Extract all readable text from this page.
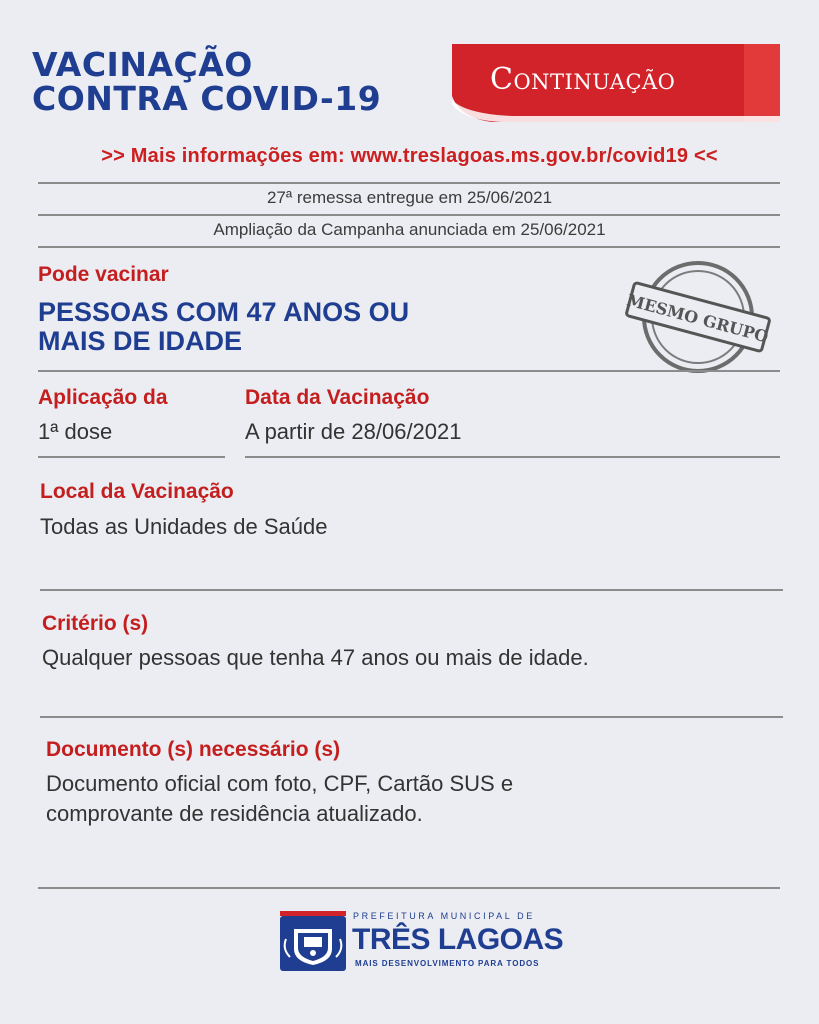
VACINAÇÃO
CONTRA COVID-19	Continuação
>> Mais informações em: www.treslagoas.ms.gov.br/covid19 <<
27ª remessa entregue em 25/06/2021
Ampliação da Campanha anunciada em 25/06/2021
Pode vacinar
PESSOAS COM 47 ANOS OU
MAIS DE IDADE	MESMO GRUPO
Aplicação da
1ª dose
Data da Vacinação
A partir de 28/06/2021
Local da Vacinação
Todas as Unidades de Saúde
Critério (s)
Qualquer pessoas que tenha 47 anos ou mais de idade.
Documento (s) necessário (s)
Documento oficial com foto, CPF, Cartão SUS e
comprovante de residência atualizado.
PREFEITURA MUNICIPAL DE
TRÊS LAGOAS
MAIS DESENVOLVIMENTO PARA TODOS
